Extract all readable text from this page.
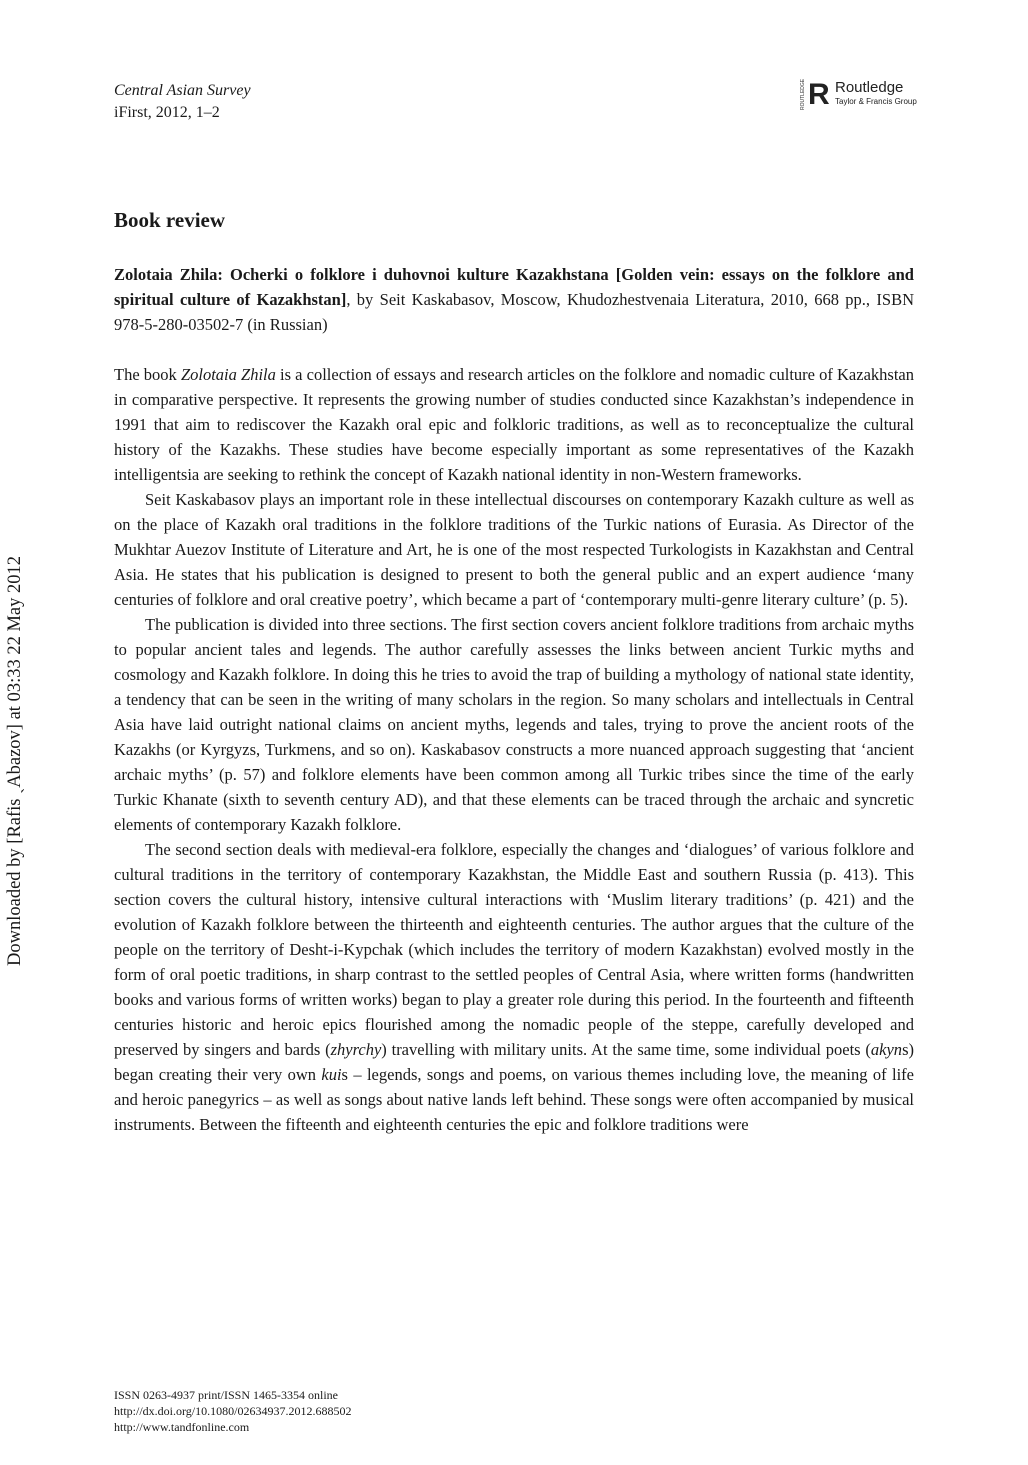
Central Asian Survey
iFirst, 2012, 1–2
ROUTLEDGE R Routledge
Taylor & Francis Group
Downloaded by [Rafis ˎAbazov] at 03:33 22 May 2012
Book review
Zolotaia Zhila: Ocherki o folklore i duhovnoi kulture Kazakhstana [Golden vein: essays on the folklore and spiritual culture of Kazakhstan], by Seit Kaskabasov, Moscow, Khudozhestvenaia Literatura, 2010, 668 pp., ISBN 978-5-280-03502-7 (in Russian)

The book Zolotaia Zhila is a collection of essays and research articles on the folklore and nomadic culture of Kazakhstan in comparative perspective. It represents the growing number of studies conducted since Kazakhstan’s independence in 1991 that aim to rediscover the Kazakh oral epic and folkloric traditions, as well as to reconceptualize the cultural history of the Kazakhs. These studies have become especially important as some representatives of the Kazakh intelligentsia are seeking to rethink the concept of Kazakh national identity in non-Western frameworks.

Seit Kaskabasov plays an important role in these intellectual discourses on contemporary Kazakh culture as well as on the place of Kazakh oral traditions in the folklore traditions of the Turkic nations of Eurasia. As Director of the Mukhtar Auezov Institute of Literature and Art, he is one of the most respected Turkologists in Kazakhstan and Central Asia. He states that his publication is designed to present to both the general public and an expert audience ‘many centuries of folklore and oral creative poetry’, which became a part of ‘contemporary multi-genre literary culture’ (p. 5).

The publication is divided into three sections. The first section covers ancient folklore traditions from archaic myths to popular ancient tales and legends. The author carefully assesses the links between ancient Turkic myths and cosmology and Kazakh folklore. In doing this he tries to avoid the trap of building a mythology of national state identity, a tendency that can be seen in the writing of many scholars in the region. So many scholars and intellectuals in Central Asia have laid outright national claims on ancient myths, legends and tales, trying to prove the ancient roots of the Kazakhs (or Kyrgyzs, Turkmens, and so on). Kaskabasov constructs a more nuanced approach suggesting that ‘ancient archaic myths’ (p. 57) and folklore elements have been common among all Turkic tribes since the time of the early Turkic Khanate (sixth to seventh century AD), and that these elements can be traced through the archaic and syncretic elements of contemporary Kazakh folklore.

The second section deals with medieval-era folklore, especially the changes and ‘dialogues’ of various folklore and cultural traditions in the territory of contemporary Kazakhstan, the Middle East and southern Russia (p. 413). This section covers the cultural history, intensive cultural interactions with ‘Muslim literary traditions’ (p. 421) and the evolution of Kazakh folklore between the thirteenth and eighteenth centuries. The author argues that the culture of the people on the territory of Desht-i-Kypchak (which includes the territory of modern Kazakhstan) evolved mostly in the form of oral poetic traditions, in sharp contrast to the settled peoples of Central Asia, where written forms (handwritten books and various forms of written works) began to play a greater role during this period. In the fourteenth and fifteenth centuries historic and heroic epics flourished among the nomadic people of the steppe, carefully developed and preserved by singers and bards (zhyrchy) travelling with military units. At the same time, some individual poets (akyns) began creating their very own kuis – legends, songs and poems, on various themes including love, the meaning of life and heroic panegyrics – as well as songs about native lands left behind. These songs were often accompanied by musical instruments. Between the fifteenth and eighteenth centuries the epic and folklore traditions were

ISSN 0263-4937 print/ISSN 1465-3354 online
http://dx.doi.org/10.1080/02634937.2012.688502
http://www.tandfonline.com
